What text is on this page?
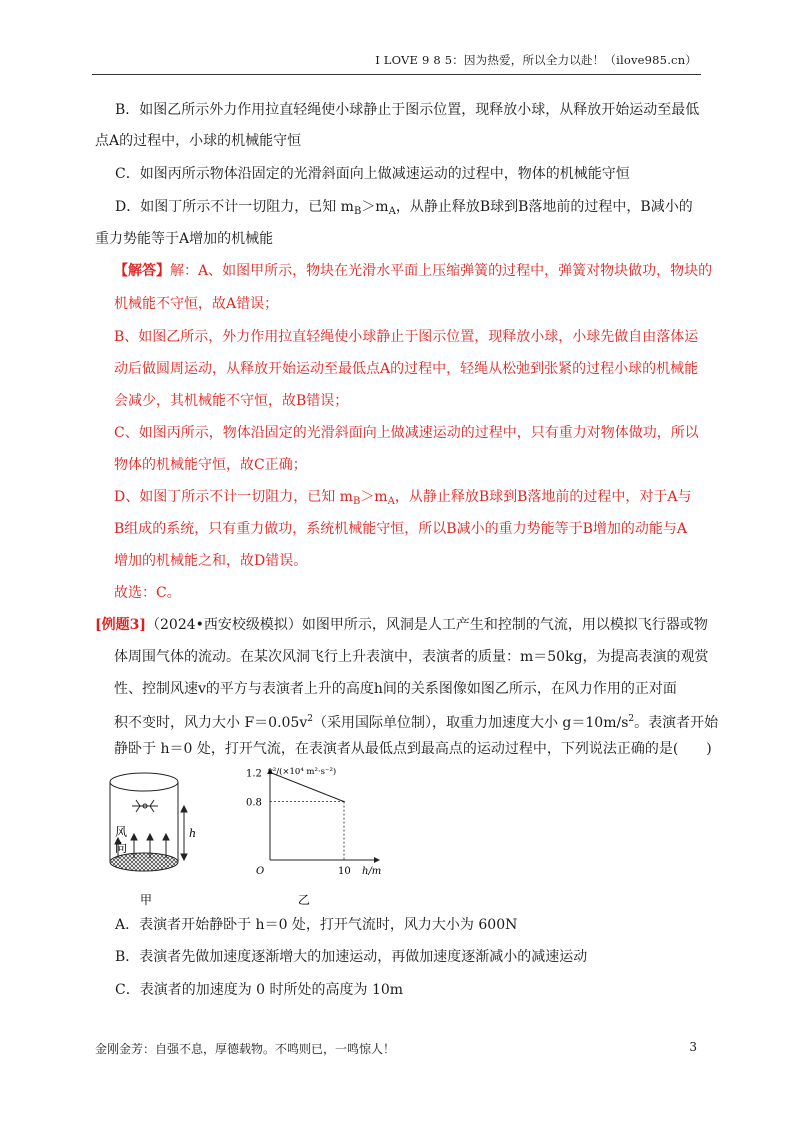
I LOVE 9 8 5：因为热爱，所以全力以赴！（ilove985.cn）
B．如图乙所示外力作用拉直轻绳使小球静止于图示位置，现释放小球，从释放开始运动至最低
点A的过程中，小球的机械能守恒
C．如图丙所示物体沿固定的光滑斜面向上做减速运动的过程中，物体的机械能守恒
D．如图丁所示不计一切阻力，已知 $m_B>m_A$，从静止释放B球到B落地前的过程中，B减小的
重力势能等于A增加的机械能
【解答】解：A、如图甲所示，物块在光滑水平面上压缩弹簧的过程中，弹簧对物块做功，物块的
机械能不守恒，故A错误；
B、如图乙所示，外力作用拉直轻绳使小球静止于图示位置，现释放小球，小球先做自由落体运
动后做圆周运动，从释放开始运动至最低点A的过程中，轻绳从松弛到张紧的过程小球的机械能
会减少，其机械能不守恒，故B错误；
C、如图丙所示，物体沿固定的光滑斜面向上做减速运动的过程中，只有重力对物体做功，所以
物体的机械能守恒，故C正确；
D、如图丁所示不计一切阻力，已知 $m_B>m_A$，从静止释放B球到B落地前的过程中，对于A与
B组成的系统，只有重力做功，系统机械能守恒，所以B减小的重力势能等于B增加的动能与A
增加的机械能之和，故D错误。
故选：C。
[例题3]（2024•西安校级模拟）如图甲所示，风洞是人工产生和控制的气流，用以模拟飞行器或物
体周围气体的流动。在某次风洞飞行上升表演中，表演者的质量：m＝50kg，为提高表演的观赏
性、控制风速v的平方与表演者上升的高度h间的关系图像如图乙所示，在风力作用的正对面
积不变时，风力大小 $F=0.05v^2$（采用国际单位制），取重力加速度大小 $g=10m/s^2$。表演者开始
静卧于 h＝0 处，打开气流，在表演者从最低点到最高点的运动过程中，下列说法正确的是(　　)
h
风
向
甲
1.2
0.8
10
O	h/m
v²/(×10⁴ m²·s⁻²)
乙
A．表演者开始静卧于 h＝0 处，打开气流时，风力大小为 600N
B．表演者先做加速度逐渐增大的加速运动，再做加速度逐渐减小的减速运动
C．表演者的加速度为 0 时所处的高度为 10m
金刚金芳：自强不息，厚德载物。不鸣则已，一鸣惊人！	3
